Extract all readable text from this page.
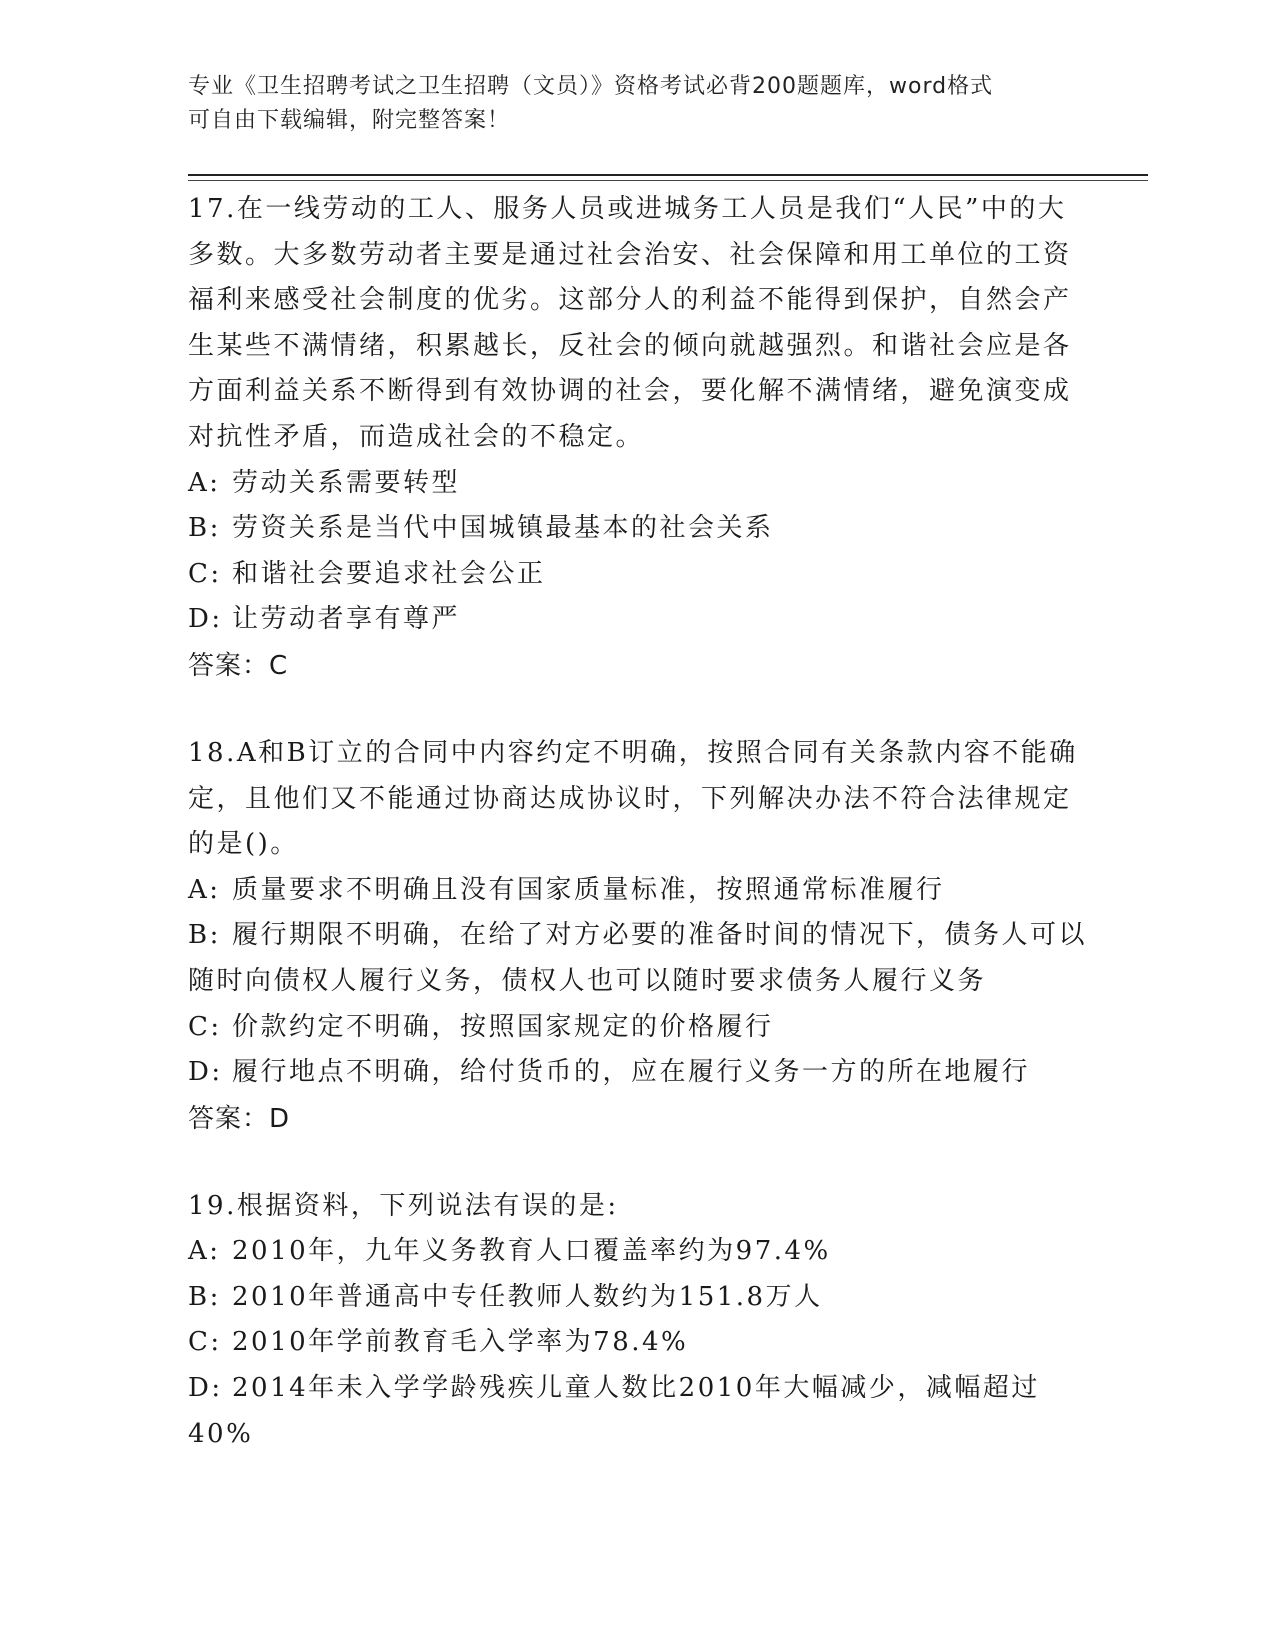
专业《卫生招聘考试之卫生招聘（文员）》资格考试必背200题题库，word格式
可自由下载编辑，附完整答案！

17.在一线劳动的工人、服务人员或进城务工人员是我们“人民”中的大多数。大多数劳动者主要是通过社会治安、社会保障和用工单位的工资福利来感受社会制度的优劣。这部分人的利益不能得到保护，自然会产生某些不满情绪，积累越长，反社会的倾向就越强烈。和谐社会应是各方面利益关系不断得到有效协调的社会，要化解不满情绪，避免演变成对抗性矛盾，而造成社会的不稳定。

A: 劳动关系需要转型

B: 劳资关系是当代中国城镇最基本的社会关系

C: 和谐社会要追求社会公正

D: 让劳动者享有尊严

答案：C

18.A和B订立的合同中内容约定不明确，按照合同有关条款内容不能确定，且他们又不能通过协商达成协议时，下列解决办法不符合法律规定的是()。

A: 质量要求不明确且没有国家质量标准，按照通常标准履行

B: 履行期限不明确，在给了对方必要的准备时间的情况下，债务人可以随时向债权人履行义务，债权人也可以随时要求债务人履行义务

C: 价款约定不明确，按照国家规定的价格履行

D: 履行地点不明确，给付货币的，应在履行义务一方的所在地履行

答案：D

19.根据资料，下列说法有误的是:

A: 2010年，九年义务教育人口覆盖率约为97.4%

B: 2010年普通高中专任教师人数约为151.8万人

C: 2010年学前教育毛入学率为78.4%

D: 2014年未入学学龄残疾儿童人数比2010年大幅减少，减幅超过40%
